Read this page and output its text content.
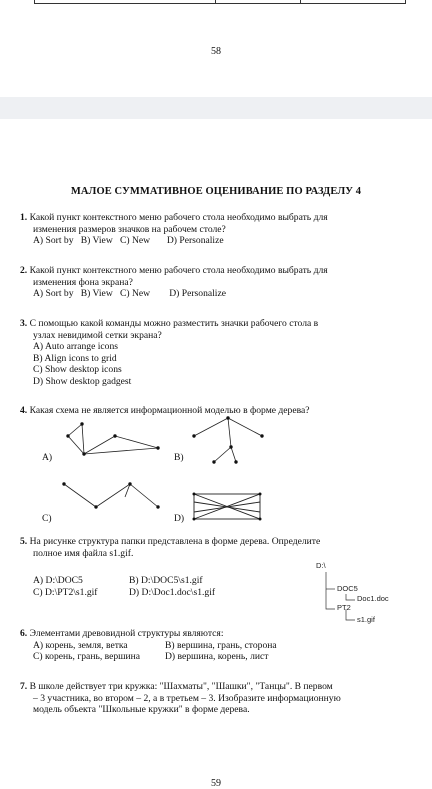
58
МАЛОЕ СУММАТИВНОЕ ОЦЕНИВАНИЕ ПО РАЗДЕЛУ 4
1. Какой пункт контекстного меню рабочего стола необходимо выбрать для
изменения размеров значков на рабочем столе?
A) Sort by
B) View
C) New
D) Personalize
2. Какой пункт контекстного меню рабочего стола необходимо выбрать для
изменения фона экрана?
A) Sort by
B) View
C) New
D) Personalize
3. С помощью какой команды можно разместить значки рабочего стола в
узлах невидимой сетки экрана?
A) Auto arrange icons
B) Align icons to grid
C) Show desktop icons
D) Show desktop gadgest
4. Какая схема не является информационной моделью в форме дерева?
A)	B)
C)	D)
5. На рисунке структура папки представлена в форме дерева. Определите
полное имя файла s1.gif.
A) D:\DOC5	B) D:\DOC5\s1.gif
C) D:\PT2\s1.gif	D) D:\Doc1.doc\s1.gif
D:\
DOC5
Doc1.doc
PT2
s1.gif
6. Элементами древовидной структуры являются:
A) корень, земля, ветка	B) вершина, грань, сторона
C) корень, грань, вершина	D) вершина, корень, лист
7. В школе действует три кружка: "Шахматы", "Шашки", "Танцы". В первом
– 3 участника, во втором – 2, а в третьем – 3. Изобразите информационную
модель объекта "Школьные кружки" в форме дерева.
59
